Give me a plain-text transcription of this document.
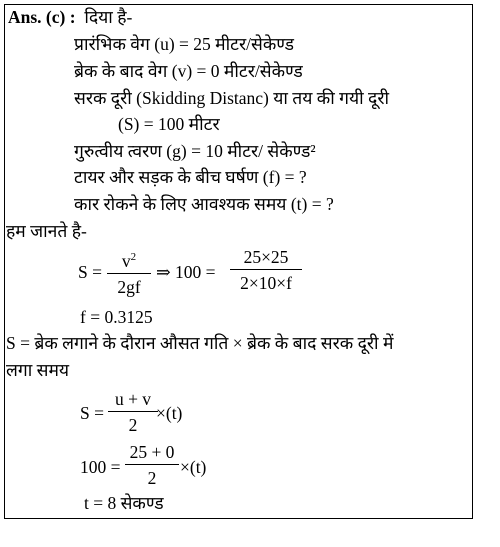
Ans. (c) : दिया है-
प्रारंभिक वेग (u) = 25 मीटर/सेकेण्ड
ब्रेक के बाद वेग (v) = 0 मीटर/सेकेण्ड
सरक दूरी (Skidding Distanc) या तय की गयी दूरी
(S) = 100 मीटर
गुरुत्वीय त्वरण (g) = 10 मीटर/ सेकेण्ड²
टायर और सड़क के बीच घर्षण (f) = ?
कार रोकने के लिए आवश्यक समय (t) = ?
हम जानते है-
S =
$v^2$
2gf
⇒ 100 =
25×25
2×10×f
f = 0.3125
S = ब्रेक लगाने के दौरान औसत गति × ब्रेक के बाद सरक दूरी में
लगा समय
S =
u + v
2
×(t)
100 =
25 + 0
2
×(t)
t = 8 सेकण्ड
